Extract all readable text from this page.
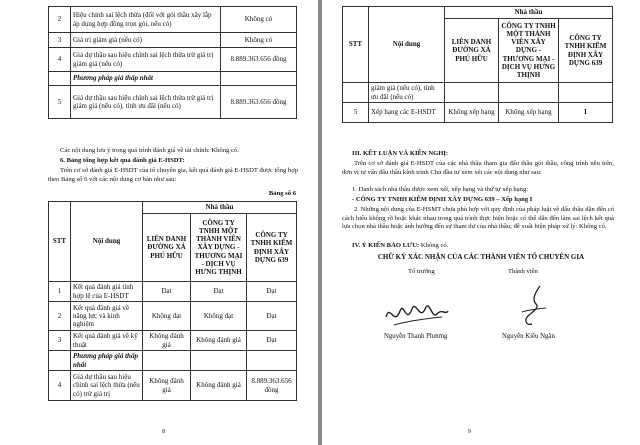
2	Hiệu chỉnh sai lệch thừa (đối với gói thầu xây lắp áp dụng hợp đồng trọn gói, nếu có)	Không có
3	Giá trị giảm giá (nếu có)	Không có
4	Giá dự thầu sau hiệu chỉnh sai lệch thừa trừ giá trị giảm giá (nếu có)	8.889.363.656 đồng
	Phương pháp giá thấp nhất	
5	Giá dự thầu sau hiệu chỉnh sai lệch thừa trừ giá trị giảm giá (nếu có), tính ưu đãi (nếu có)	8.889.363.656 đồng
Các nội dung lưu ý trong quá trình đánh giá về tài chính: Không có.
6. Bảng tổng hợp kết quả đánh giá E-HSDT:
Trên cơ sở đánh giá E-HSDT của tổ chuyên gia, kết quả đánh giá E-HSDT được tổng hợp theo Bảng số 6 với các nội dung cơ bản như sau:
Bảng số 6
STT	Nội dung	Nhà thầu		
		LIÊN DANH ĐƯỜNG XÁ PHÚ HỮU	CÔNG TY TNHH MỘT THÀNH VIÊN XÂY DỰNG - THƯƠNG MẠI - DỊCH VỤ HƯNG THỊNH	CÔNG TY TNHH KIẾM ĐỊNH XÂY DỰNG 639
1	Kết quả đánh giá tính hợp lệ của E-HSDT	Đạt	Đạt	Đạt
2	Kết quả đánh giá về năng lực và kinh nghiệm	Không đạt	Không đạt	Đạt
3	Kết quả đánh giá về kỹ thuật	Không đánh giá	Không đánh giá	Đạt
	Phương pháp giá thấp nhất			
4	Giá dự thầu sau hiệu chỉnh sai lệch thừa (nếu có) trừ giá trị	Không đánh giá	Không đánh giá	8.889.363.656 đồng
8
STT	Nội dung	Nhà thầu		
		LIÊN DANH ĐƯỜNG XÁ PHÚ HỮU	CÔNG TY TNHH MỘT THÀNH VIÊN XÂY DỰNG - THƯƠNG MẠI - DỊCH VỤ HƯNG THỊNH	CÔNG TY TNHH KIẾM ĐỊNH XÂY DỰNG 639
	giảm giá (nếu có), tính ưu đãi (nếu có)			
5	Xếp hạng các E-HSDT	Không xếp hạng	Không xếp hạng	I
III. KẾT LUẬN VÀ KIẾN NGHỊ:
Trên cơ sở đánh giá E-HSDT của các nhà thầu tham gia đấu thầu gói thầu, công trình nêu trên, đơn vị tư vấn đấu thầu kính trình Chủ đầu tư xem xét các nội dung như sau:
1. Danh sách nhà thầu được xem xét, xếp hạng và thứ tự xếp hạng:
- CÔNG TY TNHH KIẾM ĐỊNH XÂY DỰNG 639 – Xếp hạng I
2. Những nội dung của E-HSMT chưa phù hợp với quy định của pháp luật về đấu thầu dẫn đến có cách hiểu không rõ hoặc khác nhau trong quá trình thực hiện hoặc có thể dẫn đến làm sai lệch kết quả lựa chọn nhà thầu hoặc ảnh hưởng đến sự tham dự của nhà thầu; đề xuất biện pháp xử lý: Không có.
IV. Ý KIẾN BẢO LƯU: Không có.
CHỮ KÝ XÁC NHẬN CỦA CÁC THÀNH VIÊN TỔ CHUYÊN GIA
Tổ trưởng	Thành viên
Nguyễn Thanh Phương	Nguyễn Kiều Ngân
9
